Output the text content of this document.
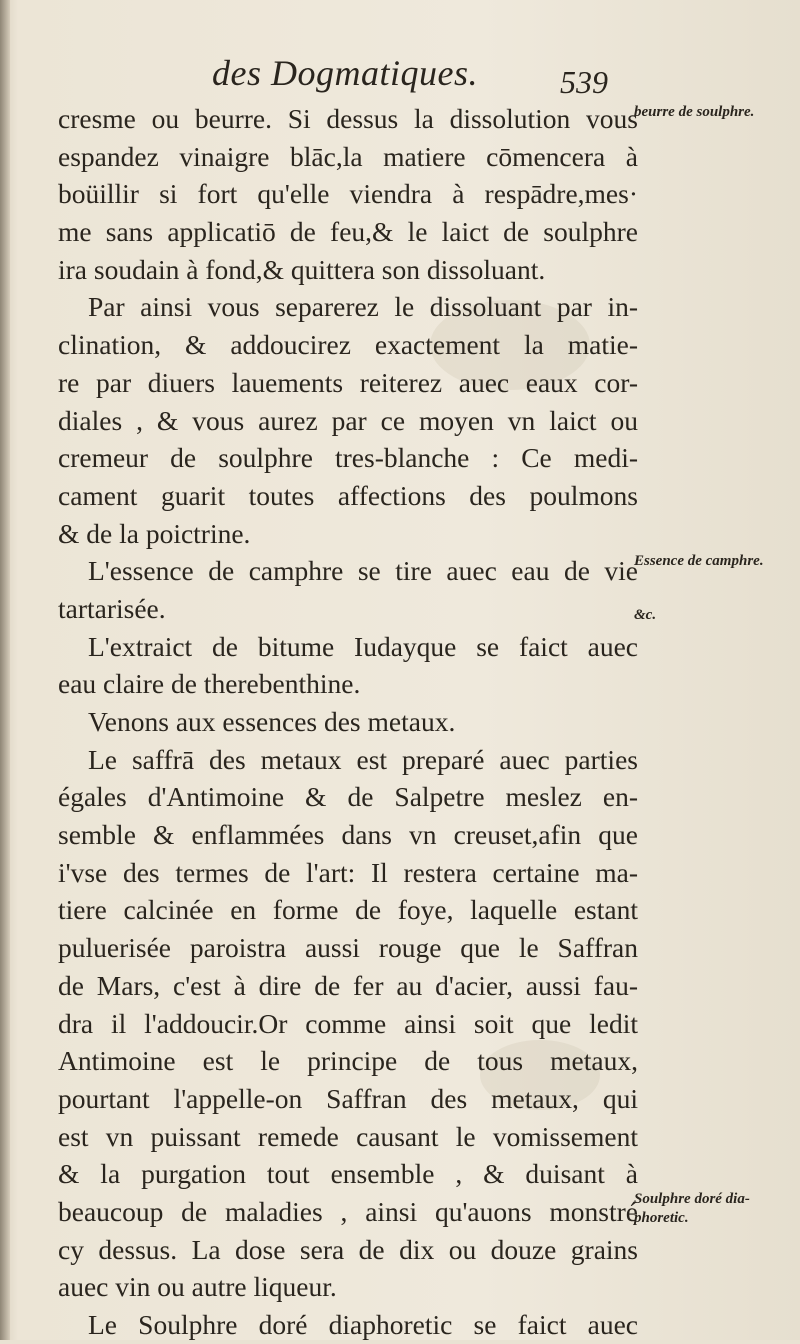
des Dogmatiques.	539
cresme ou beurre. Si dessus la dissolution vous
espandez vinaigre blāc,la matiere cōmencera à
boüillir si fort qu'elle viendra à respādre,mes·
me sans applicatiō de feu,& le laict de soulphre
ira soudain à fond,& quittera son dissoluant.
Par ainsi vous separerez le dissoluant par in-
clination, & addoucirez exactement la matie-
re par diuers lauements reiterez auec eaux cor-
diales , & vous aurez par ce moyen vn laict ou
cremeur de soulphre tres-blanche : Ce medi-
cament guarit toutes affections des poulmons
& de la poictrine.
L'essence de camphre se tire auec eau de vie
tartarisée.
L'extraict de bitume Iudayque se faict auec
eau claire de therebenthine.
Venons aux essences des metaux.
Le saffrā des metaux est preparé auec parties
égales d'Antimoine & de Salpetre meslez en-
semble & enflammées dans vn creuset,afin que
i'vse des termes de l'art: Il restera certaine ma-
tiere calcinée en forme de foye, laquelle estant
puluerisée paroistra aussi rouge que le Saffran
de Mars, c'est à dire de fer au d'acier, aussi fau-
dra il l'addoucir.Or comme ainsi soit que ledit
Antimoine est le principe de tous metaux,
pourtant l'appelle-on Saffran des metaux, qui
est vn puissant remede causant le vomissement
& la purgation tout ensemble , & duisant à
beaucoup de maladies , ainsi qu'auons monstré
cy dessus. La dose sera de dix ou douze grains
auec vin ou autre liqueur.
Le Soulphre doré diaphoretic se faict auec
beurre de soulphre.
Essence de camphre.
&c.
Soulphre doré dia-phoretic.
